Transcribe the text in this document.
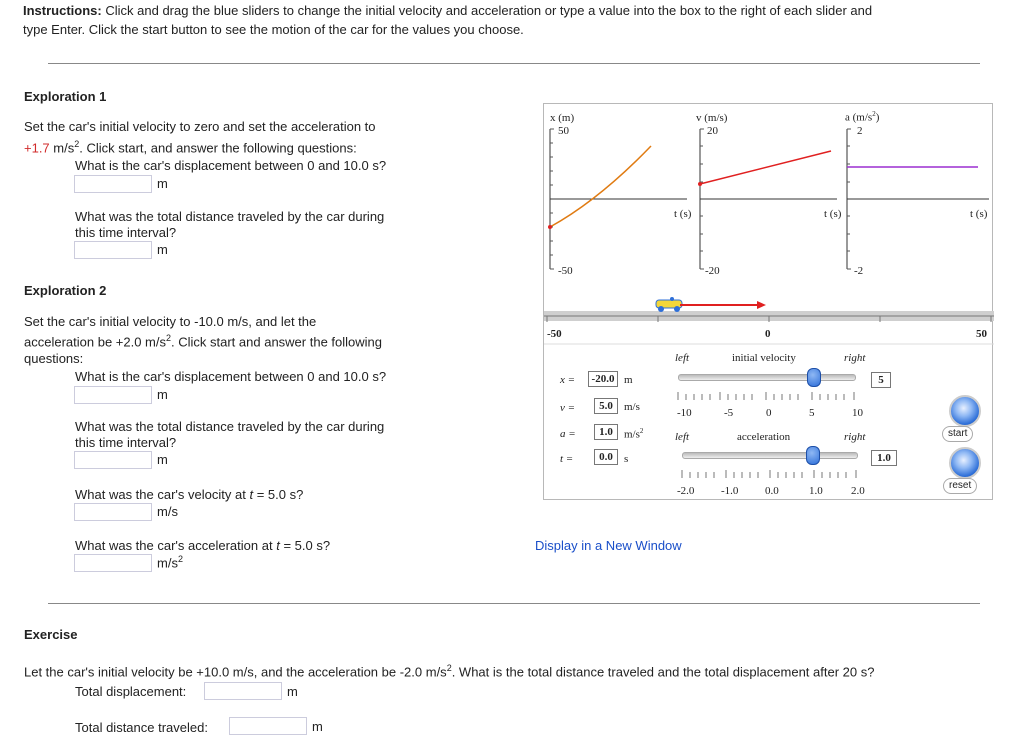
Instructions: Click and drag the blue sliders to change the initial velocity and acceleration or type a value into the box to the right of each slider and
type Enter. Click the start button to see the motion of the car for the values you choose.
Exploration 1
Set the car's initial velocity to zero and set the acceleration to
+1.7 $m/s^2$. Click start, and answer the following questions:
What is the car's displacement between 0 and 10.0 s?
m
What was the total distance traveled by the car during
this time interval?
m
Exploration 2
Set the car's initial velocity to -10.0 m/s, and let the
acceleration be +2.0 $m/s^2$. Click start and answer the following
questions:
What is the car's displacement between 0 and 10.0 s?
m
What was the total distance traveled by the car during
this time interval?
m
What was the car's velocity at t = 5.0 s?
m/s
What was the car's acceleration at t = 5.0 s?
$m/s^2$
x (m)
50
-50
t (s)
v (m/s)
20
-20
t (s)
a $(m/s^2)$
2
-2
t (s)
-50	0	50
x =	-20.0 m
v =	5.0	m/s
a =	1.0	$m/s^2$
t =	0.0	s
left	initial velocity	right
5
-10	-5	0	5	10
left	acceleration	right
1.0
-2.0 -1.0 0.0	1.0	2.0
start
reset
Display in a New Window
Exercise
Let the car's initial velocity be +10.0 m/s, and the acceleration be -2.0 $m/s^2$. What is the total distance traveled and the total displacement after 20 s?
Total displacement:	m
Total distance traveled:	m
